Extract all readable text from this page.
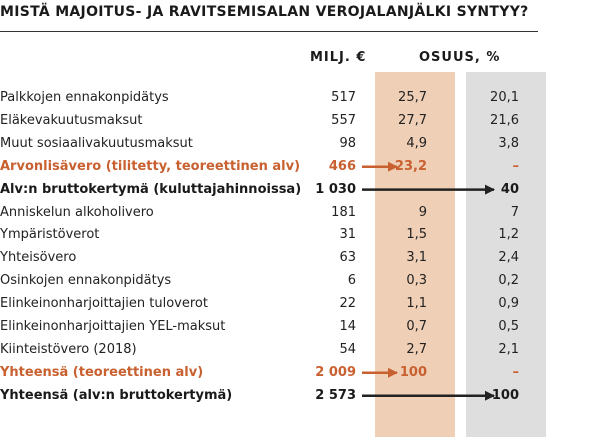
MISTÄ MAJOITUS- JA RAVITSEMISALAN VEROJALANJÄLKI SYNTYY?
MILJ. €	OSUUS, %
Palkkojen ennakonpidätys	517	25,7	20,1
Eläkevakuutusmaksut	557	27,7	21,6
Muut sosiaalivakuutusmaksut	98	4,9	3,8
Arvonlisävero (tilitetty, teoreettinen alv) 466	23,2	–
Alv:n bruttokertymä (kuluttajahinnoissa) 1 030	40
Anniskelun alkoholivero	181	9	7
Ympäristöverot	31	1,5	1,2
Yhteisövero	63	3,1	2,4
Osinkojen ennakonpidätys	6	0,3	0,2
Elinkeinonharjoittajien tuloverot	22	1,1	0,9
Elinkeinonharjoittajien YEL-maksut	14	0,7	0,5
Kiinteistövero (2018)	54	2,7	2,1
Yhteensä (teoreettinen alv)	2 009	100	–
Yhteensä (alv:n bruttokertymä)	2 573	100
